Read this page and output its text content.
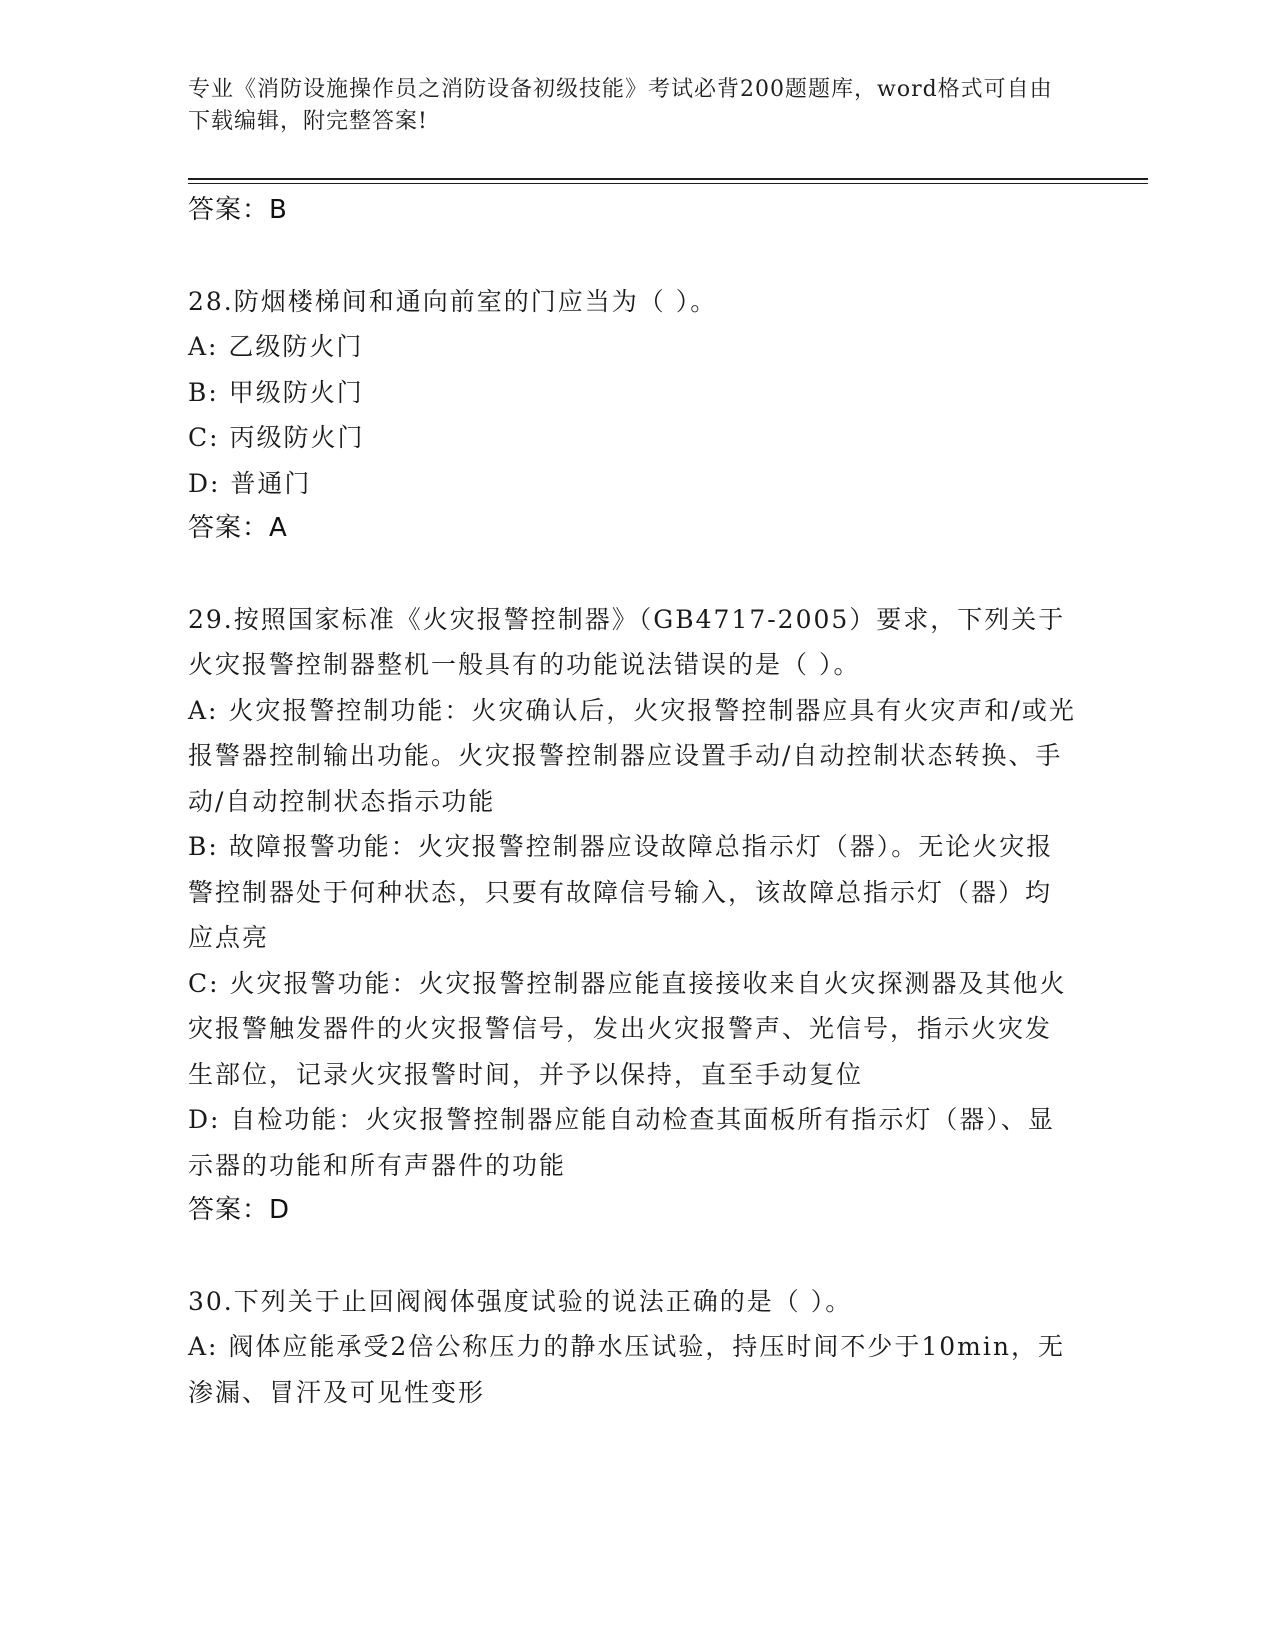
专业《消防设施操作员之消防设备初级技能》考试必背200题题库，word格式可自由下载编辑，附完整答案!
答案：B
28.防烟楼梯间和通向前室的门应当为（ ）。
A: 乙级防火门
B: 甲级防火门
C: 丙级防火门
D: 普通门
答案：A
29.按照国家标准《火灾报警控制器》（GB4717-2005）要求，下列关于火灾报警控制器整机一般具有的功能说法错误的是（ ）。
A: 火灾报警控制功能：火灾确认后，火灾报警控制器应具有火灾声和/或光报警器控制输出功能。火灾报警控制器应设置手动/自动控制状态转换、手动/自动控制状态指示功能
B: 故障报警功能：火灾报警控制器应设故障总指示灯（器）。无论火灾报警控制器处于何种状态，只要有故障信号输入，该故障总指示灯（器）均应点亮
C: 火灾报警功能：火灾报警控制器应能直接接收来自火灾探测器及其他火灾报警触发器件的火灾报警信号，发出火灾报警声、光信号，指示火灾发生部位，记录火灾报警时间，并予以保持，直至手动复位
D: 自检功能：火灾报警控制器应能自动检查其面板所有指示灯（器）、显示器的功能和所有声器件的功能
答案：D
30.下列关于止回阀阀体强度试验的说法正确的是（ ）。
A: 阀体应能承受2倍公称压力的静水压试验，持压时间不少于10min，无渗漏、冒汗及可见性变形
